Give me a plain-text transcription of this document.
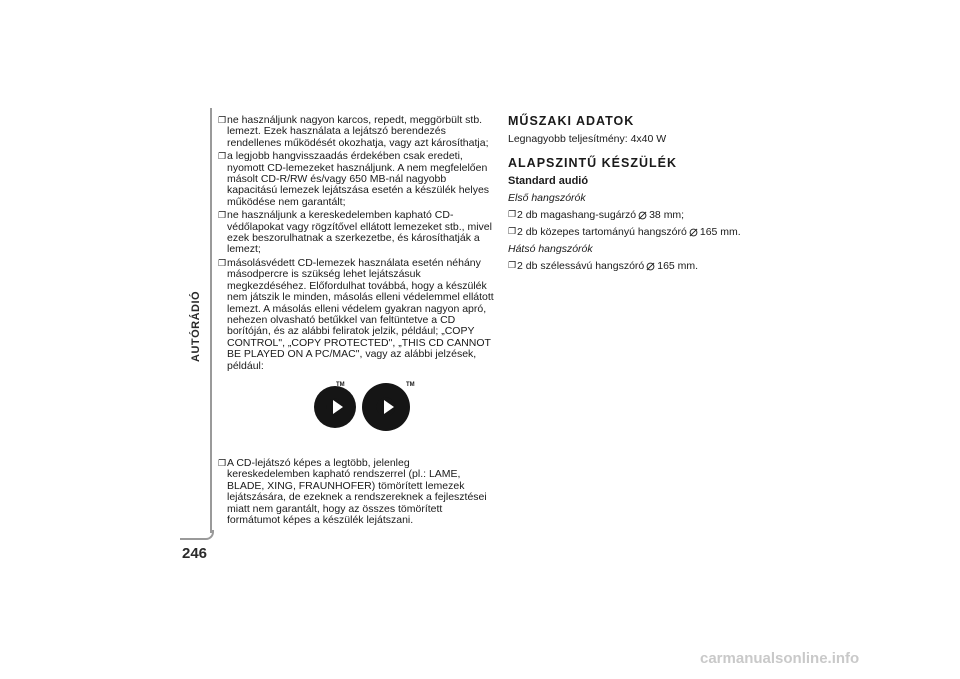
AUTÓRÁDIÓ
246
❐ ne használjunk nagyon karcos, repedt, meggörbült stb. lemezt. Ezek használata a lejátszó berendezés rendellenes működését okozhatja, vagy azt károsíthatja;
❐ a legjobb hangvisszaadás érdekében csak eredeti, nyomott CD-lemezeket használjunk. A nem megfelelően másolt CD-R/RW és/vagy 650 MB-nál nagyobb kapacitású lemezek lejátszása esetén a készülék helyes működése nem garantált;
❐ ne használjunk a kereskedelemben kapható CD-védőlapokat vagy rögzítővel ellátott lemezeket stb., mivel ezek beszorulhatnak a szerkezetbe, és károsíthatják a lemezt;
❐ másolásvédett CD-lemezek használata esetén néhány másodpercre is szükség lehet lejátszásuk megkezdéséhez. Előfordulhat továbbá, hogy a készülék nem játszik le minden, másolás elleni védelemmel ellátott lemezt. A másolás elleni védelem gyakran nagyon apró, nehezen olvasható betűkkel van feltüntetve a CD borítóján, és az alábbi feliratok jelzik, például; „COPY CONTROL", „COPY PROTECTED", „THIS CD CANNOT BE PLAYED ON A PC/MAC", vagy az alábbi jelzések, például:
TM	TM
❐ A CD-lejátszó képes a legtöbb, jelenleg kereskedelemben kapható rendszerrel (pl.: LAME, BLADE, XING, FRAUNHOFER) tömörített lemezek lejátszására, de ezeknek a rendszereknek a fejlesztései miatt nem garantált, hogy az összes tömörített formátumot képes a készülék lejátszani.
MŰSZAKI ADATOK
Legnagyobb teljesítmény: 4x40 W
ALAPSZINTŰ KÉSZÜLÉK
Standard audió
Első hangszórók
❐ 2 db magashang-sugárzó 38 mm;
❐ 2 db közepes tartományú hangszóró 165 mm.
Hátsó hangszórók
❐ 2 db szélessávú hangszóró 165 mm.
carmanualsonline.info
